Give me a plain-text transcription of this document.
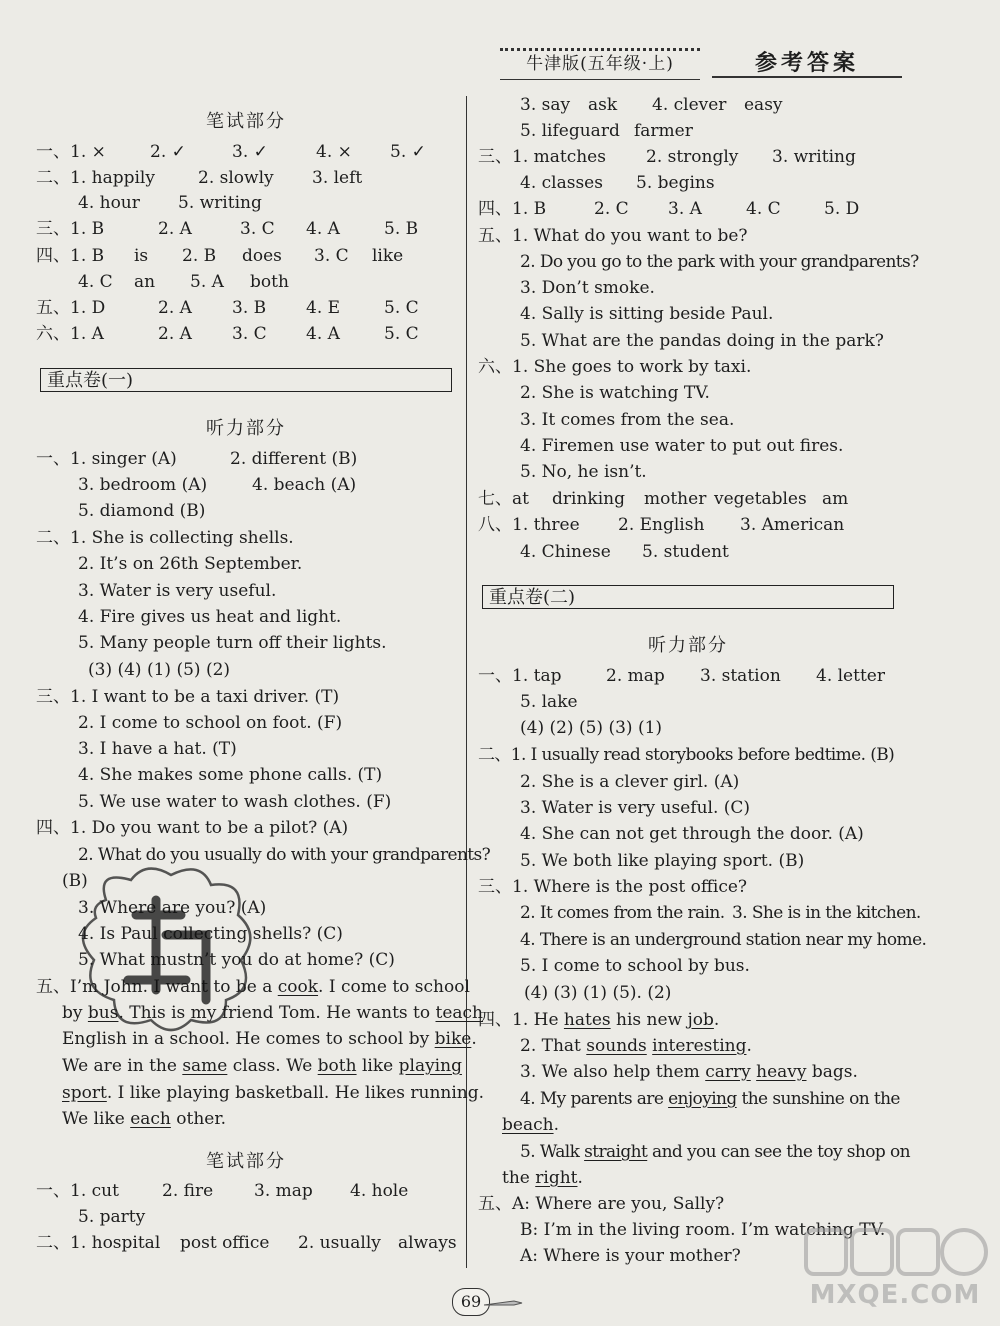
牛津版(五年级·上)	参考答案
笔试部分
一、1. ×	2. ✓	3. ✓	4. × 5. ✓
二、1. happily	2. slowly 3. left
4. hour 5. writing
三、1. B	2. A	3. C 4. A	5. B
四、1. B is 2. B does 3. C like
4. C an 5. A both
五、1. D	2. A 3. B 4. E	5. C
六、1. A	2. A 3. C 4. A	5. C
重点卷(一)
听力部分
一、1. singer (A)	2. different (B)
3. bedroom (A)	4. beach (A)
5. diamond (B)
二、1. She is collecting shells.
2. It’s on 26th September.
3. Water is very useful.
4. Fire gives us heat and light.
5. Many people turn off their lights.
(3) (4) (1) (5) (2)
三、1. I want to be a taxi driver. (T)
2. I come to school on foot. (F)
3. I have a hat. (T)
4. She makes some phone calls. (T)
5. We use water to wash clothes. (F)
四、1. Do you want to be a pilot? (A)
2. What do you usually do with your grandparents?
(B)
3. Where are you? (A)
4. Is Paul collecting shells? (C)
5. What mustn’t you do at home? (C)
五、I’m John. I want to be a cook. I come to school
by bus. This is my friend Tom. He wants to teach
English in a school. He comes to school by bike.
We are in the same class. We both like playing
sport. I like playing basketball. He likes running.
We like each other.
笔试部分
一、1. cut	2. fire 3. map 4. hole
5. party
二、1. hospital post office 2. usually always
3. say ask 4. clever easy
5. lifeguard farmer
三、1. matches 2. strongly 3. writing
4. classes 5. begins
四、1. B	2. C 3. A	4. C	5. D
五、1. What do you want to be?
2. Do you go to the park with your grandparents?
3. Don’t smoke.
4. Sally is sitting beside Paul.
5. What are the pandas doing in the park?
六、1. She goes to work by taxi.
2. She is watching TV.
3. It comes from the sea.
4. Firemen use water to put out fires.
5. No, he isn’t.
七、at drinking mother vegetables am
八、1. three 2. English 3. American
4. Chinese 5. student
重点卷(二)
听力部分
一、1. tap	2. map 3. station 4. letter
5. lake
(4) (2) (5) (3) (1)
二、1. I usually read storybooks before bedtime. (B)
2. She is a clever girl. (A)
3. Water is very useful. (C)
4. She can not get through the door. (A)
5. We both like playing sport. (B)
三、1. Where is the post office?
2. It comes from the rain. 3. She is in the kitchen.
4. There is an underground station near my home.
5. I come to school by bus.
(4) (3) (1) (5). (2)
四、1. He hates his new job.
2. That sounds interesting.
3. We also help them carry heavy bags.
4. My parents are enjoying the sunshine on the
beach.
5. Walk straight and you can see the toy shop on
the right.
五、A: Where are you, Sally?
B: I’m in the living room. I’m watching TV.
A: Where is your mother?
69	MXQE.COM
